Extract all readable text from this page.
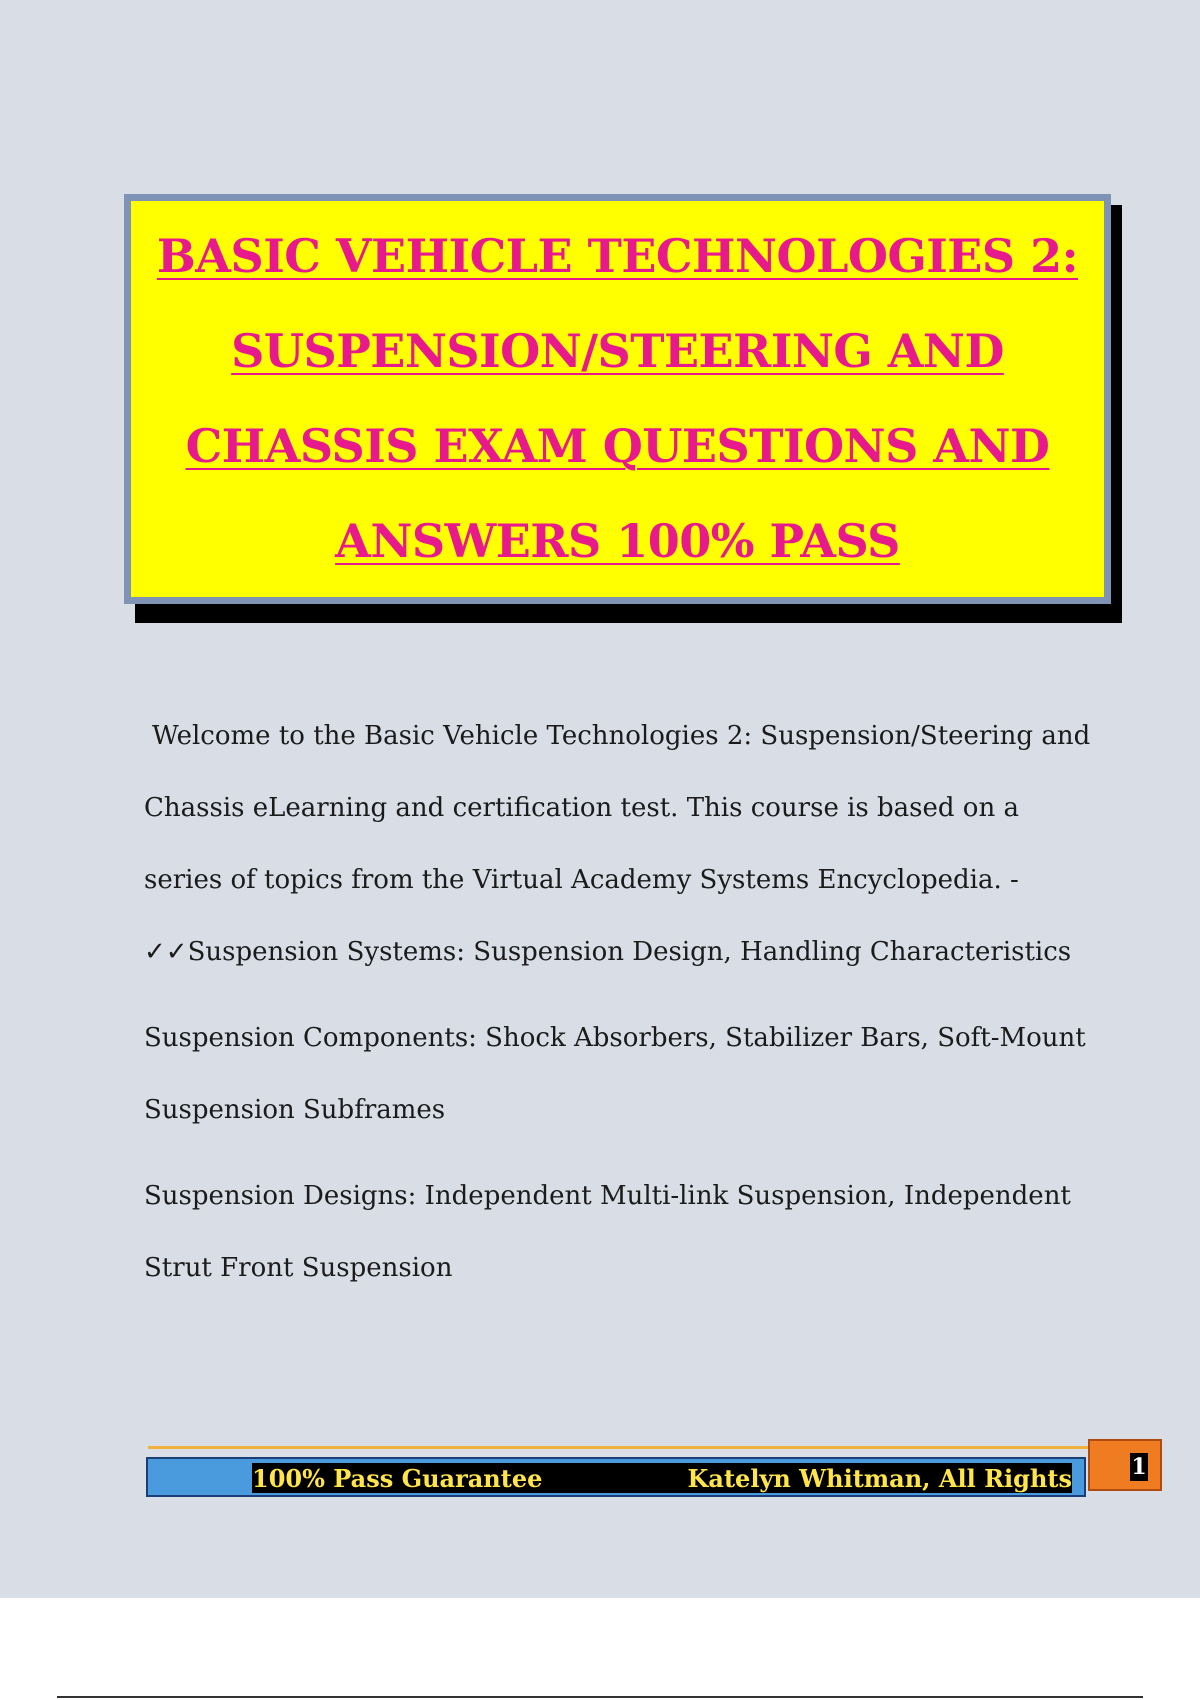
BASIC VEHICLE TECHNOLOGIES 2:
SUSPENSION/STEERING AND
CHASSIS EXAM QUESTIONS AND
ANSWERS 100% PASS

Welcome to the Basic Vehicle Technologies 2: Suspension/Steering and Chassis eLearning and certification test. This course is based on a series of topics from the Virtual Academy Systems Encyclopedia. - ✓✓Suspension Systems: Suspension Design, Handling Characteristics

Suspension Components: Shock Absorbers, Stabilizer Bars, Soft-Mount Suspension Subframes

Suspension Designs: Independent Multi-link Suspension, Independent Strut Front Suspension

100% Pass Guarantee	Katelyn Whitman, All Rights	1
